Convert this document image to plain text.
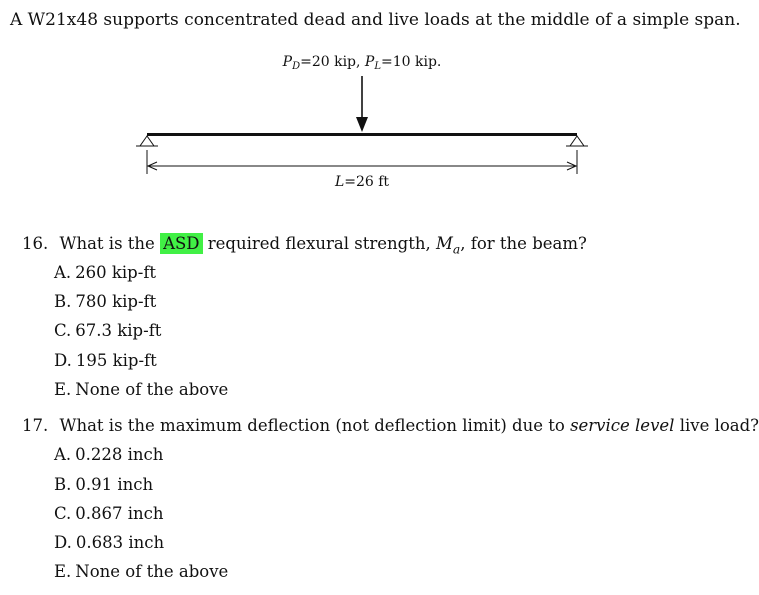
A W21x48 supports concentrated dead and live loads at the middle of a simple span.
$P_D=20$ kip, $P_L=10$ kip.
L=26 ft
16. What is the ASD required flexural strength, $M_a$, for the beam?
A. 260 kip-ft
B. 780 kip-ft
C. 67.3 kip-ft
D. 195 kip-ft
E. None of the above
17. What is the maximum deflection (not deflection limit) due to service level live load?
A. 0.228 inch
B. 0.91 inch
C. 0.867 inch
D. 0.683 inch
E. None of the above
